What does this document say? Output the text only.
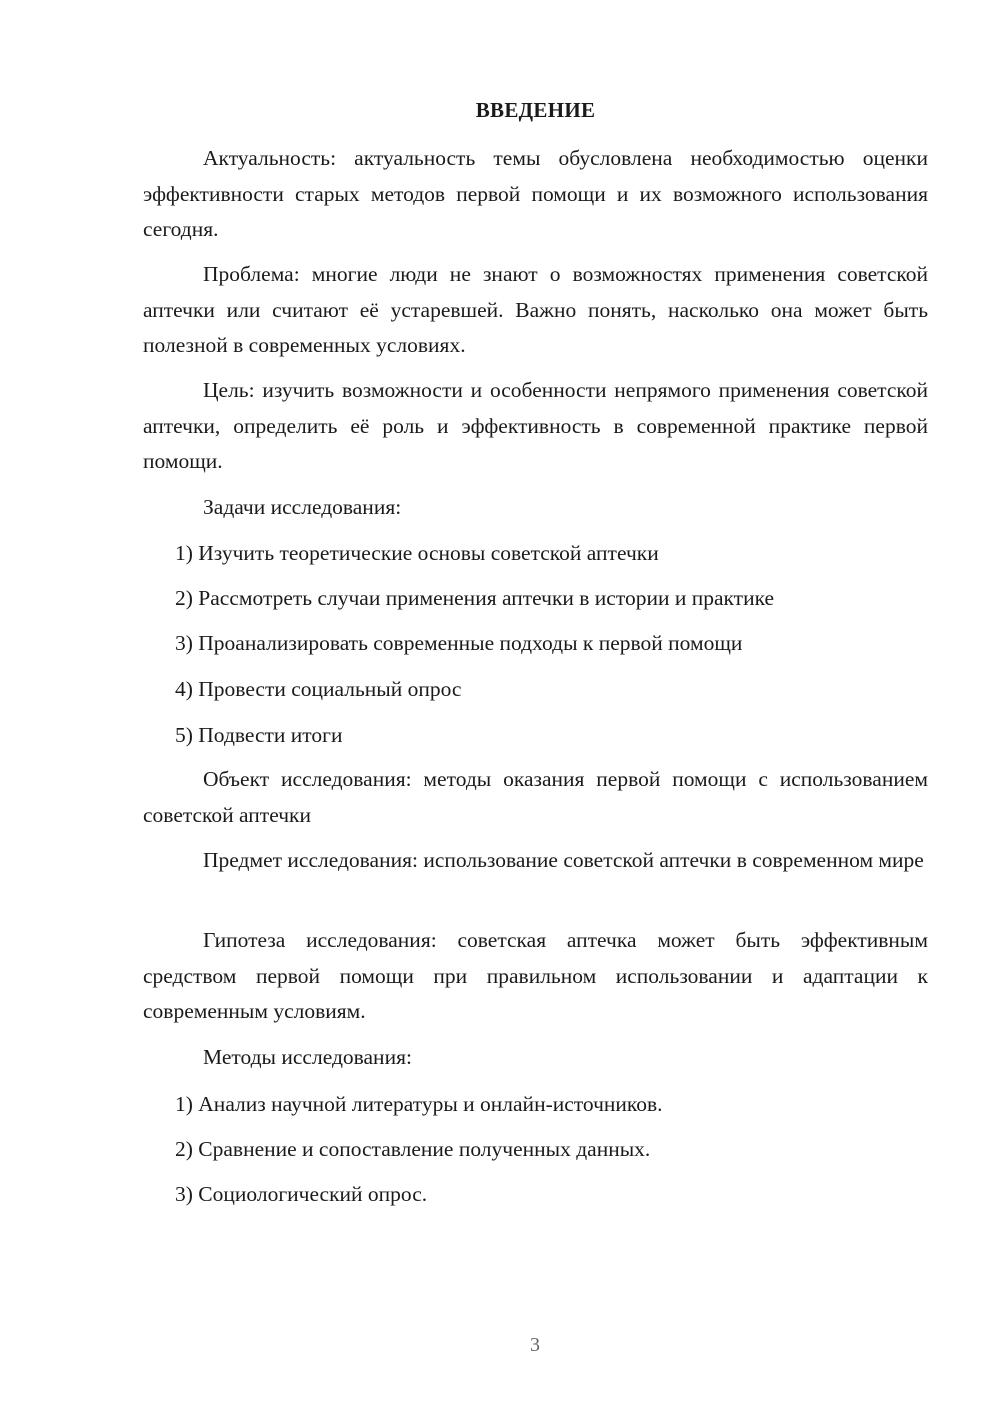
ВВЕДЕНИЕ

Актуальность: актуальность темы обусловлена необходимостью оценки эффективности старых методов первой помощи и их возможного использования сегодня.

Проблема: многие люди не знают о возможностях применения советской аптечки или считают её устаревшей. Важно понять, насколько она может быть полезной в современных условиях.

Цель: изучить возможности и особенности непрямого применения советской аптечки, определить её роль и эффективность в современной практике первой помощи.

Задачи исследования:

1) Изучить теоретические основы советской аптечки

2) Рассмотреть случаи применения аптечки в истории и практике

3) Проанализировать современные подходы к первой помощи

4) Провести социальный опрос

5) Подвести итоги

Объект исследования: методы оказания первой помощи с использованием советской аптечки

Предмет исследования: использование советской аптечки в современном мире

Гипотеза исследования: советская аптечка может быть эффективным средством первой помощи при правильном использовании и адаптации к современным условиям.

Методы исследования:

1) Анализ научной литературы и онлайн-источников.

2) Сравнение и сопоставление полученных данных.

3) Социологический опрос.

3
